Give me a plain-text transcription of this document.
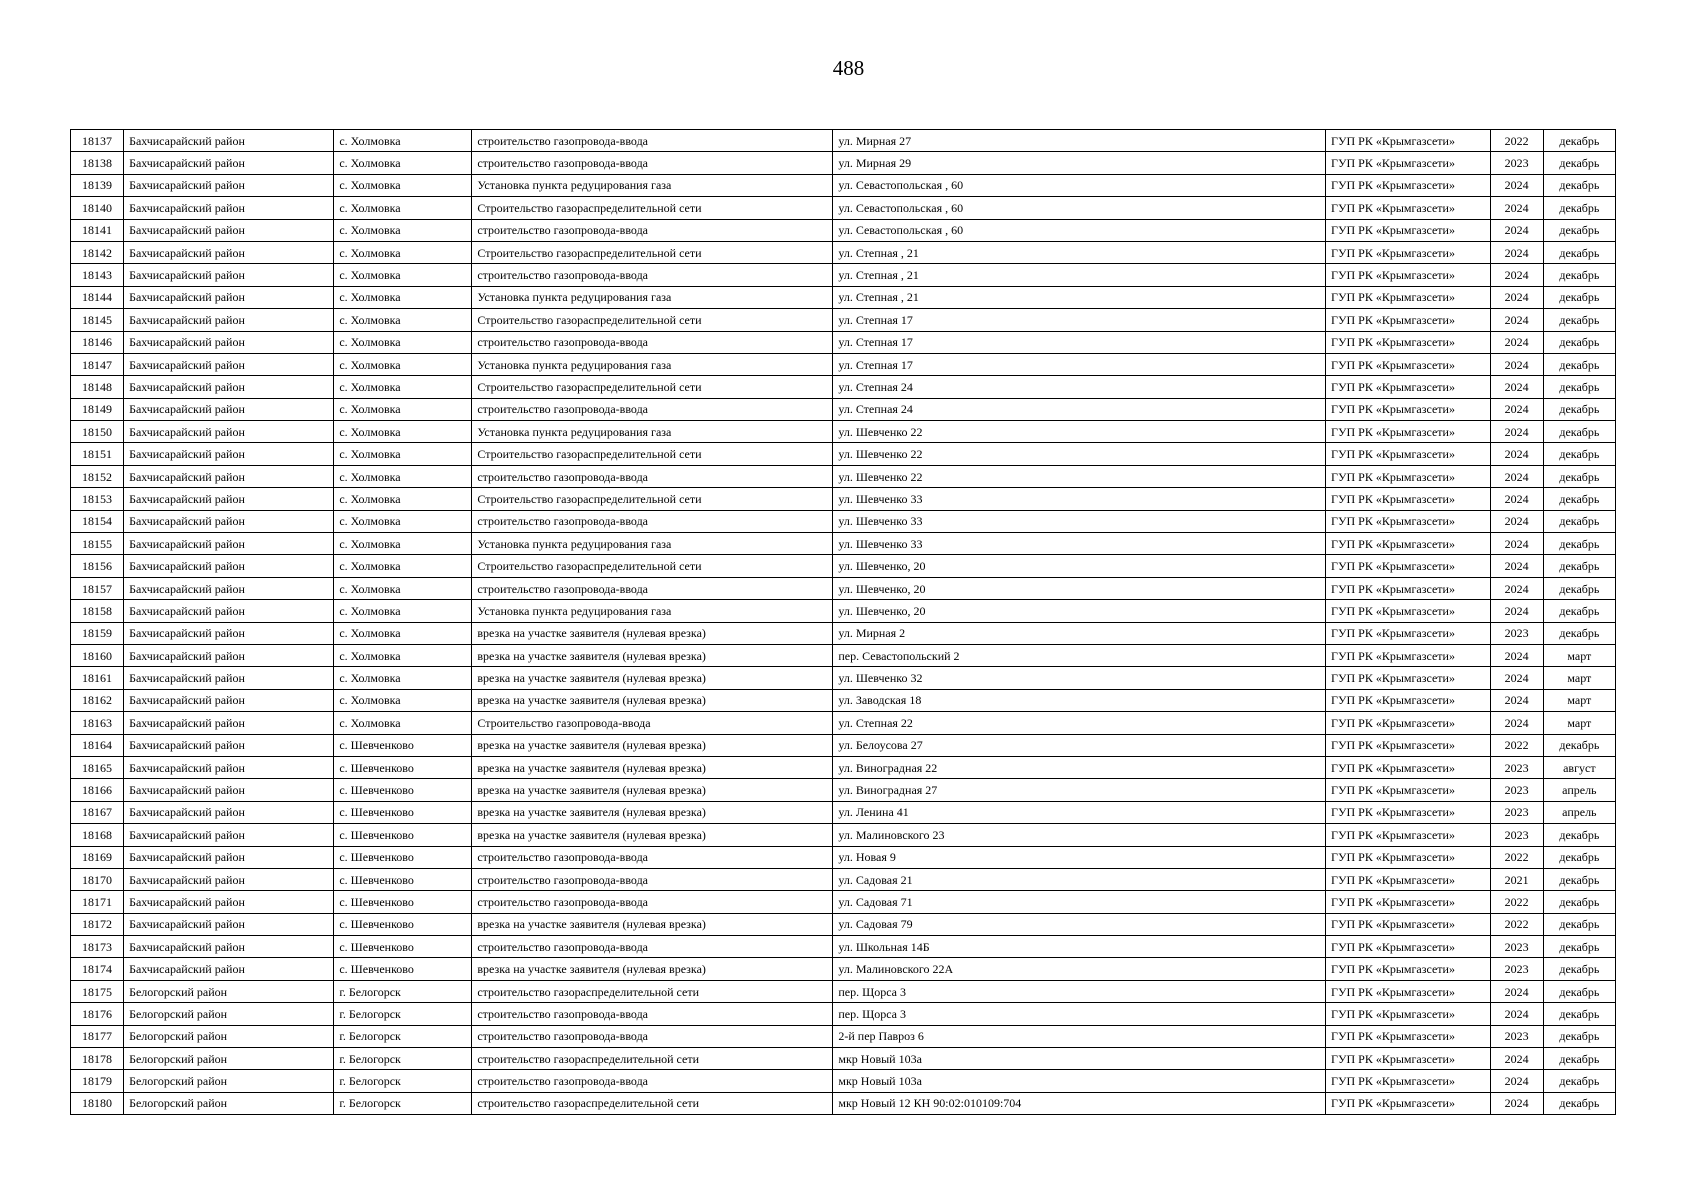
488
18137	Бахчисарайский район	с. Холмовка	строительство газопровода-ввода	ул. Мирная 27	ГУП РК «Крымгазсети»	2022	декабрь
18138	Бахчисарайский район	с. Холмовка	строительство газопровода-ввода	ул. Мирная 29	ГУП РК «Крымгазсети»	2023	декабрь
18139	Бахчисарайский район	с. Холмовка	Установка пункта редуцирования газа	ул. Севастопольская , 60	ГУП РК «Крымгазсети»	2024	декабрь
18140	Бахчисарайский район	с. Холмовка	Строительство газораспределительной сети	ул. Севастопольская , 60	ГУП РК «Крымгазсети»	2024	декабрь
18141	Бахчисарайский район	с. Холмовка	строительство газопровода-ввода	ул. Севастопольская , 60	ГУП РК «Крымгазсети»	2024	декабрь
18142	Бахчисарайский район	с. Холмовка	Строительство газораспределительной сети	ул. Степная , 21	ГУП РК «Крымгазсети»	2024	декабрь
18143	Бахчисарайский район	с. Холмовка	строительство газопровода-ввода	ул. Степная , 21	ГУП РК «Крымгазсети»	2024	декабрь
18144	Бахчисарайский район	с. Холмовка	Установка пункта редуцирования газа	ул. Степная , 21	ГУП РК «Крымгазсети»	2024	декабрь
18145	Бахчисарайский район	с. Холмовка	Строительство газораспределительной сети	ул. Степная 17	ГУП РК «Крымгазсети»	2024	декабрь
18146	Бахчисарайский район	с. Холмовка	строительство газопровода-ввода	ул. Степная 17	ГУП РК «Крымгазсети»	2024	декабрь
18147	Бахчисарайский район	с. Холмовка	Установка пункта редуцирования газа	ул. Степная 17	ГУП РК «Крымгазсети»	2024	декабрь
18148	Бахчисарайский район	с. Холмовка	Строительство газораспределительной сети	ул. Степная 24	ГУП РК «Крымгазсети»	2024	декабрь
18149	Бахчисарайский район	с. Холмовка	строительство газопровода-ввода	ул. Степная 24	ГУП РК «Крымгазсети»	2024	декабрь
18150	Бахчисарайский район	с. Холмовка	Установка пункта редуцирования газа	ул. Шевченко 22	ГУП РК «Крымгазсети»	2024	декабрь
18151	Бахчисарайский район	с. Холмовка	Строительство газораспределительной сети	ул. Шевченко 22	ГУП РК «Крымгазсети»	2024	декабрь
18152	Бахчисарайский район	с. Холмовка	строительство газопровода-ввода	ул. Шевченко 22	ГУП РК «Крымгазсети»	2024	декабрь
18153	Бахчисарайский район	с. Холмовка	Строительство газораспределительной сети	ул. Шевченко 33	ГУП РК «Крымгазсети»	2024	декабрь
18154	Бахчисарайский район	с. Холмовка	строительство газопровода-ввода	ул. Шевченко 33	ГУП РК «Крымгазсети»	2024	декабрь
18155	Бахчисарайский район	с. Холмовка	Установка пункта редуцирования газа	ул. Шевченко 33	ГУП РК «Крымгазсети»	2024	декабрь
18156	Бахчисарайский район	с. Холмовка	Строительство газораспределительной сети	ул. Шевченко, 20	ГУП РК «Крымгазсети»	2024	декабрь
18157	Бахчисарайский район	с. Холмовка	строительство газопровода-ввода	ул. Шевченко, 20	ГУП РК «Крымгазсети»	2024	декабрь
18158	Бахчисарайский район	с. Холмовка	Установка пункта редуцирования газа	ул. Шевченко, 20	ГУП РК «Крымгазсети»	2024	декабрь
18159	Бахчисарайский район	с. Холмовка	врезка на участке заявителя (нулевая врезка)	ул. Мирная 2	ГУП РК «Крымгазсети»	2023	декабрь
18160	Бахчисарайский район	с. Холмовка	врезка на участке заявителя (нулевая врезка)	пер. Севастопольский 2	ГУП РК «Крымгазсети»	2024	март
18161	Бахчисарайский район	с. Холмовка	врезка на участке заявителя (нулевая врезка)	ул. Шевченко 32	ГУП РК «Крымгазсети»	2024	март
18162	Бахчисарайский район	с. Холмовка	врезка на участке заявителя (нулевая врезка)	ул. Заводская 18	ГУП РК «Крымгазсети»	2024	март
18163	Бахчисарайский район	с. Холмовка	Строительство газопровода-ввода	ул. Степная 22	ГУП РК «Крымгазсети»	2024	март
18164	Бахчисарайский район	с. Шевченково	врезка на участке заявителя (нулевая врезка)	ул. Белоусова 27	ГУП РК «Крымгазсети»	2022	декабрь
18165	Бахчисарайский район	с. Шевченково	врезка на участке заявителя (нулевая врезка)	ул. Виноградная 22	ГУП РК «Крымгазсети»	2023	август
18166	Бахчисарайский район	с. Шевченково	врезка на участке заявителя (нулевая врезка)	ул. Виноградная 27	ГУП РК «Крымгазсети»	2023	апрель
18167	Бахчисарайский район	с. Шевченково	врезка на участке заявителя (нулевая врезка)	ул. Ленина 41	ГУП РК «Крымгазсети»	2023	апрель
18168	Бахчисарайский район	с. Шевченково	врезка на участке заявителя (нулевая врезка)	ул. Малиновского 23	ГУП РК «Крымгазсети»	2023	декабрь
18169	Бахчисарайский район	с. Шевченково	строительство газопровода-ввода	ул. Новая 9	ГУП РК «Крымгазсети»	2022	декабрь
18170	Бахчисарайский район	с. Шевченково	строительство газопровода-ввода	ул. Садовая 21	ГУП РК «Крымгазсети»	2021	декабрь
18171	Бахчисарайский район	с. Шевченково	строительство газопровода-ввода	ул. Садовая 71	ГУП РК «Крымгазсети»	2022	декабрь
18172	Бахчисарайский район	с. Шевченково	врезка на участке заявителя (нулевая врезка)	ул. Садовая 79	ГУП РК «Крымгазсети»	2022	декабрь
18173	Бахчисарайский район	с. Шевченково	строительство газопровода-ввода	ул. Школьная 14Б	ГУП РК «Крымгазсети»	2023	декабрь
18174	Бахчисарайский район	с. Шевченково	врезка на участке заявителя (нулевая врезка)	ул. Малиновского 22А	ГУП РК «Крымгазсети»	2023	декабрь
18175	Белогорский район	г. Белогорск	строительство газораспределительной сети	пер. Щорса 3	ГУП РК «Крымгазсети»	2024	декабрь
18176	Белогорский район	г. Белогорск	строительство газопровода-ввода	пер. Щорса 3	ГУП РК «Крымгазсети»	2024	декабрь
18177	Белогорский район	г. Белогорск	строительство газопровода-ввода	2-й пер Павроз 6	ГУП РК «Крымгазсети»	2023	декабрь
18178	Белогорский район	г. Белогорск	строительство газораспределительной сети	мкр Новый 103а	ГУП РК «Крымгазсети»	2024	декабрь
18179	Белогорский район	г. Белогорск	строительство газопровода-ввода	мкр Новый 103а	ГУП РК «Крымгазсети»	2024	декабрь
18180	Белогорский район	г. Белогорск	строительство газораспределительной сети	мкр Новый 12 КН 90:02:010109:704	ГУП РК «Крымгазсети»	2024	декабрь
